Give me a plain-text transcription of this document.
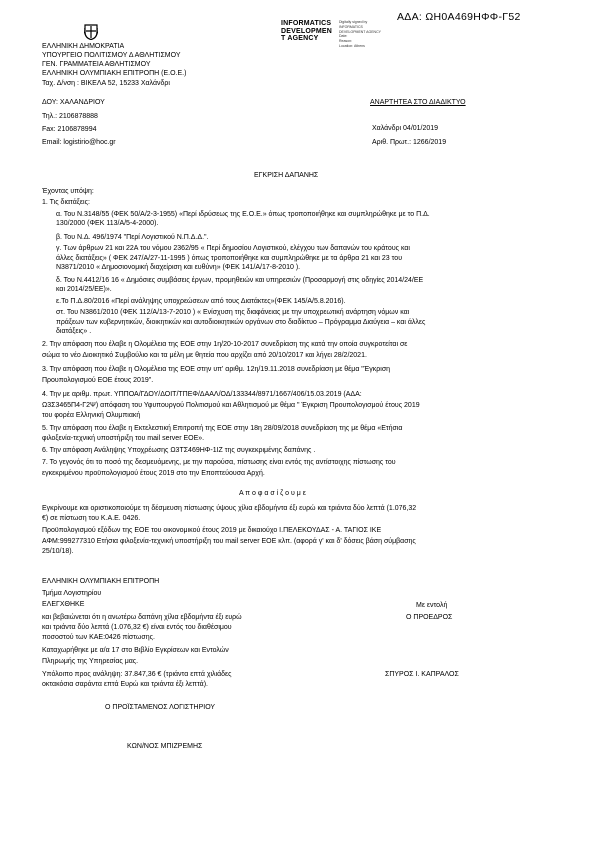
ΑΔΑ: ΩΗ0Α469ΗΦΦ-Γ52
INFORMATICS
DEVELOPMEN
T AGENCY
Digitally signed by
INFORMATICS
DEVELOPMENT AGENCY
Date:
Reason:
Location: Athens
ΕΛΛΗΝΙΚΗ ΔΗΜΟΚΡΑΤΙΑ
ΥΠΟΥΡΓΕΙΟ ΠΟΛΙΤΙΣΜΟΥ Δ ΑΘΛΗΤΙΣΜΟΥ
ΓΕΝ. ΓΡΑΜΜΑΤΕΙΑ ΑΘΛΗΤΙΣΜΟΥ
ΕΛΛΗΝΙΚΗ ΟΛΥΜΠΙΑΚΗ ΕΠΙΤΡΟΠΗ (Ε.Ο.Ε.)
Ταχ. Δ/νση : ΒΙΚΕΛΑ 52, 15233 Χαλάνδρι
ΔΟΥ: ΧΑΛΑΝΔΡΙΟΥ
Τηλ.: 2106878888
Fax: 2106878994
Email: logistirio@hoc.gr
ΑΝΑΡΤΗΤΕΑ ΣΤΟ ΔΙΑΔΙΚΤΥΟ
Χαλάνδρι 04/01/2019
Αριθ. Πρωτ.: 1266/2019
ΕΓΚΡΙΣΗ ΔΑΠΑΝΗΣ
Έχοντας υπόψη:
1. Τις διατάξεις:
α. Του Ν.3148/55 (ΦΕΚ 50/Α/2-3-1955) «Περί ιδρύσεως της Ε.Ο.Ε.» όπως τροποποιήθηκε και συμπληρώθηκε με το Π.Δ.
130/2000 (ΦΕΚ 113/Α/5-4-2000).
β. Του Ν.Δ. 496/1974 "Περί Λογιστικού Ν.Π.Δ.Δ.".
γ. Των άρθρων 21 και 22Α του νόμου 2362/95 « Περί δημοσίου Λογιστικού, ελέγχου των δαπανών του κράτους και
άλλες διατάξεις» ( ΦΕΚ 247/Α/27-11-1995 ) όπως τροποποιήθηκε και συμπληρώθηκε με τα άρθρα 21 και 23 του
Ν3871/2010 « Δημοσιονομική διαχείριση και ευθύνη» (ΦΕΚ 141/Α/17-8-2010 ).
δ. Του Ν.4412/16 16 « Δημόσιες συμβάσεις έργων, προμηθειών και υπηρεσιών (Προσαρμογή στις οδηγίες 2014/24/ΕΕ
και 2014/25/ΕΕ)».
ε.Το Π.Δ.80/2016 «Περί ανάληψης υποχρεώσεων από τους Διατάκτες»(ΦΕΚ 145/Α/5.8.2016).
στ. Του Ν3861/2010 (ΦΕΚ 112/Α/13-7-2010 ) « Ενίσχυση της διαφάνειας με την υποχρεωτική ανάρτηση νόμων και
πράξεων των κυβερνητικών, διοικητικών και αυτοδιοικητικών οργάνων στο διαδίκτυο – Πρόγραμμα Διαύγεια – και άλλες
διατάξεις» .
2. Την απόφαση που έλαβε η Ολομέλεια της ΕΟΕ στην 1η/20-10-2017 συνεδρίαση της κατά την οποία συγκροτείται σε
σώμα το νέο Διοικητικό Συμβούλιο και τα μέλη με θητεία που αρχίζει από 20/10/2017 και λήγει 28/2/2021.
3. Την απόφαση που έλαβε η Ολομέλεια της ΕΟΕ στην υπ' αριθμ. 12η/19.11.2018 συνεδρίαση με θέμα "Έγκριση
Προυπολογισμού ΕΟΕ έτους 2019".
4. Την με αριθμ. πρωτ. ΥΠΠΟΑ/ΓΔΟΥ/ΔΟΙΤ/ΤΠΕΦ/ΔΑΑΛ/ΟΔ/133344/8971/1667/406/15.03.2019 (ΑΔΑ:
Ω3Σ3465Π4-Γ2Ψ) απόφαση του Υφυπουργού Πολιτισμού και Αθλητισμού με θέμα " Έγκριση Προυπολογισμού έτους 2019
του φορέα Ελληνική Ολυμπιακή
5. Την απόφαση που έλαβε η Εκτελεστική Επιτροπή της ΕΟΕ στην 18η 28/09/2018 συνεδρίαση της με θέμα «Ετήσια
φιλοξενία-τεχνική υποστήριξη του mail server ΕΟΕ».
6. Την απόφαση Ανάληψης Υποχρέωσης Ω3ΤΣ469ΗΦ-1ΙΖ της συγκεκριμένης δαπάνης .
7. Το γεγονός ότι το ποσό της δεσμευόμενης, με την παρούσα, πίστωσης είναι εντός της αντίστοιχης πίστωσης του
εγκεκριμένου προϋπολογισμού έτους 2019 στο την Εποπτεύουσα Αρχή.
Α π ο φ α σ ί ζ ο υ μ ε
Εγκρίνουμε και οριστικοποιούμε τη δέσμευση πίστωσης ύψους χίλια εβδομήντα έξι ευρώ και τριάντα δύο λεπτά (1.076,32
€) σε πίστωση του Κ.Α.Ε. 0426.
Προϋπολογισμού εξόδων της ΕΟΕ του οικονομικού έτους 2019 με δικαιούχο Ι.ΠΕΛΕΚΟΥΔΑΣ - Α. ΤΑΓΙΟΣ ΙΚΕ
ΑΦΜ:999277310 Ετήσια φιλοξενία-τεχνική υποστήριξη του mail server ΕΟΕ κλπ. (αφορά γ' και δ' δόσεις βάση σύμβασης
25/10/18).
ΕΛΛΗΝΙΚΗ ΟΛΥΜΠΙΑΚΗ ΕΠΙΤΡΟΠΗ
Τμήμα Λογιστηρίου
ΕΛΕΓΧΘΗΚΕ
και βεβαιώνεται ότι η ανωτέρω δαπάνη χίλια εβδομήντα έξι ευρώ
και τριάντα δύο λεπτά (1.076,32 €) είναι εντός του διαθέσιμου
ποσοστού των ΚΑΕ:0426 πίστωσης.
Καταχωρήθηκε με α/α 17 στο Βιβλίο Εγκρίσεων και Εντολών
Πληρωμής της Υπηρεσίας μας.
Υπόλοιπο προς ανάληψη: 37.847,36 € (τριάντα επτά χιλιάδες
οκτακόσια σαράντα επτά Ευρώ και τριάντα έξι λεπτά).
Με εντολή
Ο ΠΡΟΕΔΡΟΣ
ΣΠΥΡΟΣ Ι. ΚΑΠΡΑΛΟΣ
Ο ΠΡΟΪΣΤΑΜΕΝΟΣ ΛΟΓΙΣΤΗΡΙΟΥ
ΚΩΝ/ΝΟΣ ΜΠΙΖΡΕΜΗΣ
